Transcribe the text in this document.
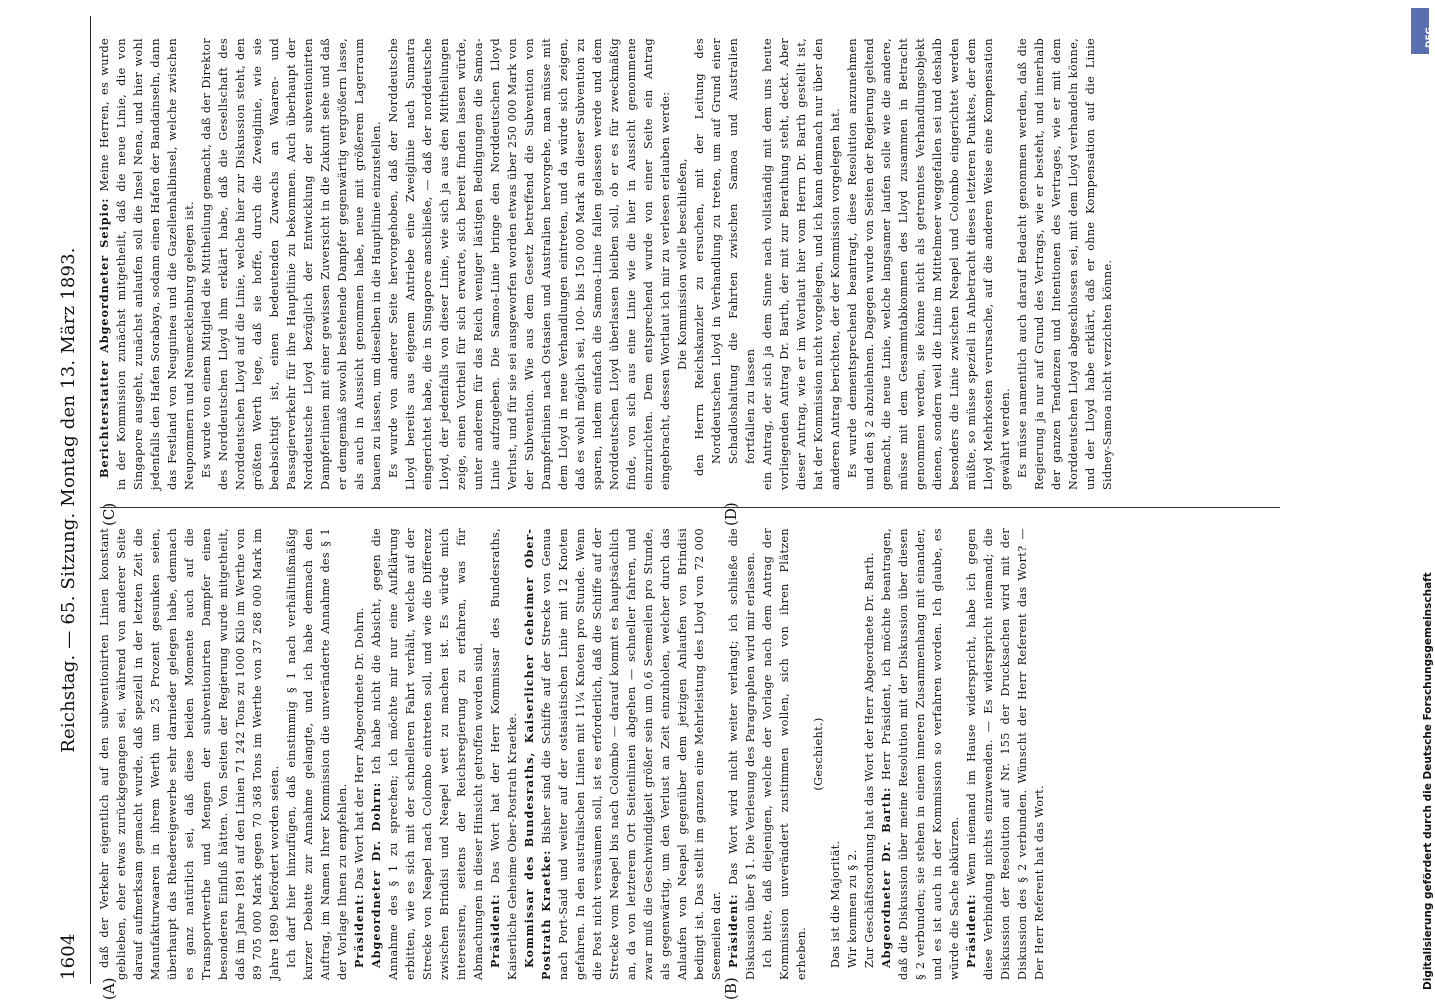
1604
Reichstag. — 65. Sitzung. Montag den 13. März 1893.
(A)	(B)
(C)	(D)

daß der Verkehr eigentlich auf den subventionirten Linien konstant geblieben, eher etwas zurückgegangen sei, während von anderer Seite darauf aufmerksam gemacht wurde, daß speziell in der letzten Zeit die Manufakturwaaren in ihrem Werth um 25 Prozent gesunken seien, überhaupt das Rhedereigewerbe sehr darnieder gelegen habe, demnach es ganz natürlich sei, daß diese beiden Momente auch auf die Transportwerthe und Mengen der subventionirten Dampfer einen besonderen Einfluß hätten. Von Seiten der Regierung wurde mitgetheilt, daß im Jahre 1891 auf den Linien 71 242 Tons zu 1000 Kilo im Werthe von 89 705 000 Mark gegen 70 368 Tons im Werthe von 37 268 000 Mark im Jahre 1890 befördert worden seien. Ich darf hier hinzufügen, daß einstimmig § 1 nach verhältnißmäßig kurzer Debatte zur Annahme gelangte, und ich habe demnach den Auftrag, im Namen Ihrer Kommission die unveränderte Annahme des § 1 der Vorlage Ihnen zu empfehlen. Präsident: Das Wort hat der Herr Abgeordnete Dr. Dohrn. Abgeordneter Dr. Dohrn: Ich habe nicht die Absicht, gegen die Annahme des § 1 zu sprechen; ich möchte mir nur eine Aufklärung erbitten, wie es sich mit der schnelleren Fahrt verhält, welche auf der Strecke von Neapel nach Colombo eintreten soll, und wie die Differenz zwischen Brindisi und Neapel wett zu machen ist. Es würde mich interessiren, seitens der Reichsregierung zu erfahren, was für Abmachungen in dieser Hinsicht getroffen worden sind. Präsident: Das Wort hat der Herr Kommissar des Bundesraths, Kaiserliche Geheime Ober-Postrath Kraetke. Kommissar des Bundesraths, Kaiserlicher Geheimer Ober-Postrath Kraetke: Bisher sind die Schiffe auf der Strecke von Genua nach Port-Said und weiter auf der ostasiatischen Linie mit 12 Knoten gefahren. In den australischen Linien mit 11¼ Knoten pro Stunde. Wenn die Post nicht versäumen soll, ist es erforderlich, daß die Schiffe auf der Strecke vom Neapel bis nach Colombo — darauf kommt es hauptsächlich an, da von letzterem Ort Seitenlinien abgehen — schneller fahren, und zwar muß die Geschwindigkeit größer sein um 0,6 Seemeilen pro Stunde, als gegenwärtig, um den Verlust an Zeit einzuholen, welcher durch das Anlaufen von Neapel gegenüber dem jetzigen Anlaufen von Brindisi bedingt ist. Das stellt im ganzen eine Mehrleistung des Lloyd von 72 000 Seemeilen dar. Präsident: Das Wort wird nicht weiter verlangt; ich schließe die Diskussion über § 1. Die Verlesung des Paragraphen wird mir erlassen. Ich bitte, daß diejenigen, welche der Vorlage nach dem Antrag der Kommission unverändert zustimmen wollen, sich von ihren Plätzen erheben.

(Geschieht.)

Das ist die Majorität. Wir kommen zu § 2. Zur Geschäftsordnung hat das Wort der Herr Abgeordnete Dr. Barth. Abgeordneter Dr. Barth: Herr Präsident, ich möchte beantragen, daß die Diskussion über meine Resolution mit der Diskussion über diesen § 2 verbunden; sie stehen in einem inneren Zusammenhang mit einander, und es ist auch in der Kommission so verfahren worden. Ich glaube, es würde die Sache abkürzen. Präsident: Wenn niemand im Hause widerspricht, habe ich gegen diese Verbindung nichts einzuwenden. — Es widerspricht niemand; die Diskussion der Resolution auf Nr. 155 der Drucksachen wird mit der Diskussion des § 2 verbunden. Wünscht der Herr Referent das Wort? — Der Herr Referent hat das Wort.

Berichterstatter Abgeordneter Seipio: Meine Herren, es wurde in der Kommission zunächst mitgetheilt, daß die neue Linie, die von Singapore ausgeht, zunächst anlaufen soll die Insel Nena, und hier wohl jedenfalls den Hafen Sorabaya, sodann einen Hafen der Bandainseln, dann das Festland von Neuguinea und die Gazellenhalbinsel, welche zwischen Neupommern und Neumecklenburg gelegen ist. Es wurde von einem Mitglied die Mittheilung gemacht, daß der Direktor des Norddeutschen Lloyd ihm erklärt habe, daß die Gesellschaft des Norddeutschen Lloyd auf die Linie, welche hier zur Diskussion steht, den größten Werth lege, daß sie hoffe, durch die Zweiglinie, wie sie beabsichtigt ist, einen bedeutenden Zuwachs an Waaren- und Passagierverkehr für ihre Hauptlinie zu bekommen. Auch überhaupt der Norddeutsche Lloyd bezüglich der Entwicklung der subventionirten Dampferlinien mit einer gewissen Zuversicht in die Zukunft sehe und daß er demgemäß sowohl bestehende Dampfer gegenwärtig vergrößern lasse, als auch in Aussicht genommen habe, neue mit größerem Lagerraum bauen zu lassen, um dieselben in die Hauptlinie einzustellen. Es wurde von anderer Seite hervorgehoben, daß der Norddeutsche Lloyd bereits aus eigenem Antriebe eine Zweiglinie nach Sumatra eingerichtet habe, die in Singapore anschließe, — daß der norddeutsche Lloyd, der jedenfalls von dieser Linie, wie sich ja aus den Mittheilungen zeige, einen Vortheil für sich erwarte, sich bereit finden lassen würde, unter anderem für das Reich weniger lästigen Bedingungen die Samoa-Linie aufzugeben. Die Samoa-Linie bringe den Norddeutschen Lloyd Verlust, und für sie sei ausgeworfen worden etwas über 250 000 Mark von der Subvention. Wie aus dem Gesetz betreffend die Subvention von Dampferlinien nach Ostasien und Australien hervorgehe, man müsse mit dem Lloyd in neue Verhandlungen eintreten, und da würde sich zeigen, daß es wohl möglich sei, 100- bis 150 000 Mark an dieser Subvention zu sparen, indem einfach die Samoa-Linie fallen gelassen werde und dem Norddeutschen Lloyd überlassen bleiben soll, ob er es für zweckmäßig finde, von sich aus eine Linie wie die hier in Aussicht genommene einzurichten. Dem entsprechend wurde von einer Seite ein Antrag eingebracht, dessen Wortlaut ich mir zu verlesen erlauben werde: Die Kommission wolle beschließen, den Herrn Reichskanzler zu ersuchen, mit der Leitung des Norddeutschen Lloyd in Verhandlung zu treten, um auf Grund einer Schadloshaltung die Fahrten zwischen Samoa und Australien fortfallen zu lassen ein Antrag, der sich ja dem Sinne nach vollständig mit dem uns heute vorliegenden Antrag Dr. Barth, der mit zur Berathung steht, deckt. Aber dieser Antrag, wie er im Wortlaut hier vom Herrn Dr. Barth gestellt ist, hat der Kommission nicht vorgelegen, und ich kann demnach nur über den anderen Antrag berichten, der der Kommission vorgelegen hat. Es wurde dementsprechend beantragt, diese Resolution anzunehmen und den § 2 abzulehnen. Dagegen wurde von Seiten der Regierung geltend gemacht, die neue Linie, welche langsamer laufen solle wie die andere, müsse mit dem Gesammtabkommen des Lloyd zusammen in Betracht genommen werden, sie könne nicht als getrenntes Verhandlungsobjekt dienen, sondern weil die Linie im Mittelmeer weggefallen sei und deshalb besonders die Linie zwischen Neapel und Colombo eingerichtet werden müßte, so müsse speziell in Anbetracht dieses letzteren Punktes, der dem Lloyd Mehrkosten verursache, auf die anderen Weise eine Kompensation gewährt werden. Es müsse namentlich auch darauf Bedacht genommen werden, daß die Regierung ja nur auf Grund des Vertrags, wie er besteht, und innerhalb der ganzen Tendenzen und Intentionen des Vertrages, wie er mit dem Norddeutschen Lloyd abgeschlossen sei, mit dem Lloyd verhandeln könne, und der Lloyd habe erklärt, daß er ohne Kompensation auf die Linie Sidney-Samoa nicht verzichten könne.

DFG
Digitalisierung gefördert durch die Deutsche Forschungsgemeinschaft
